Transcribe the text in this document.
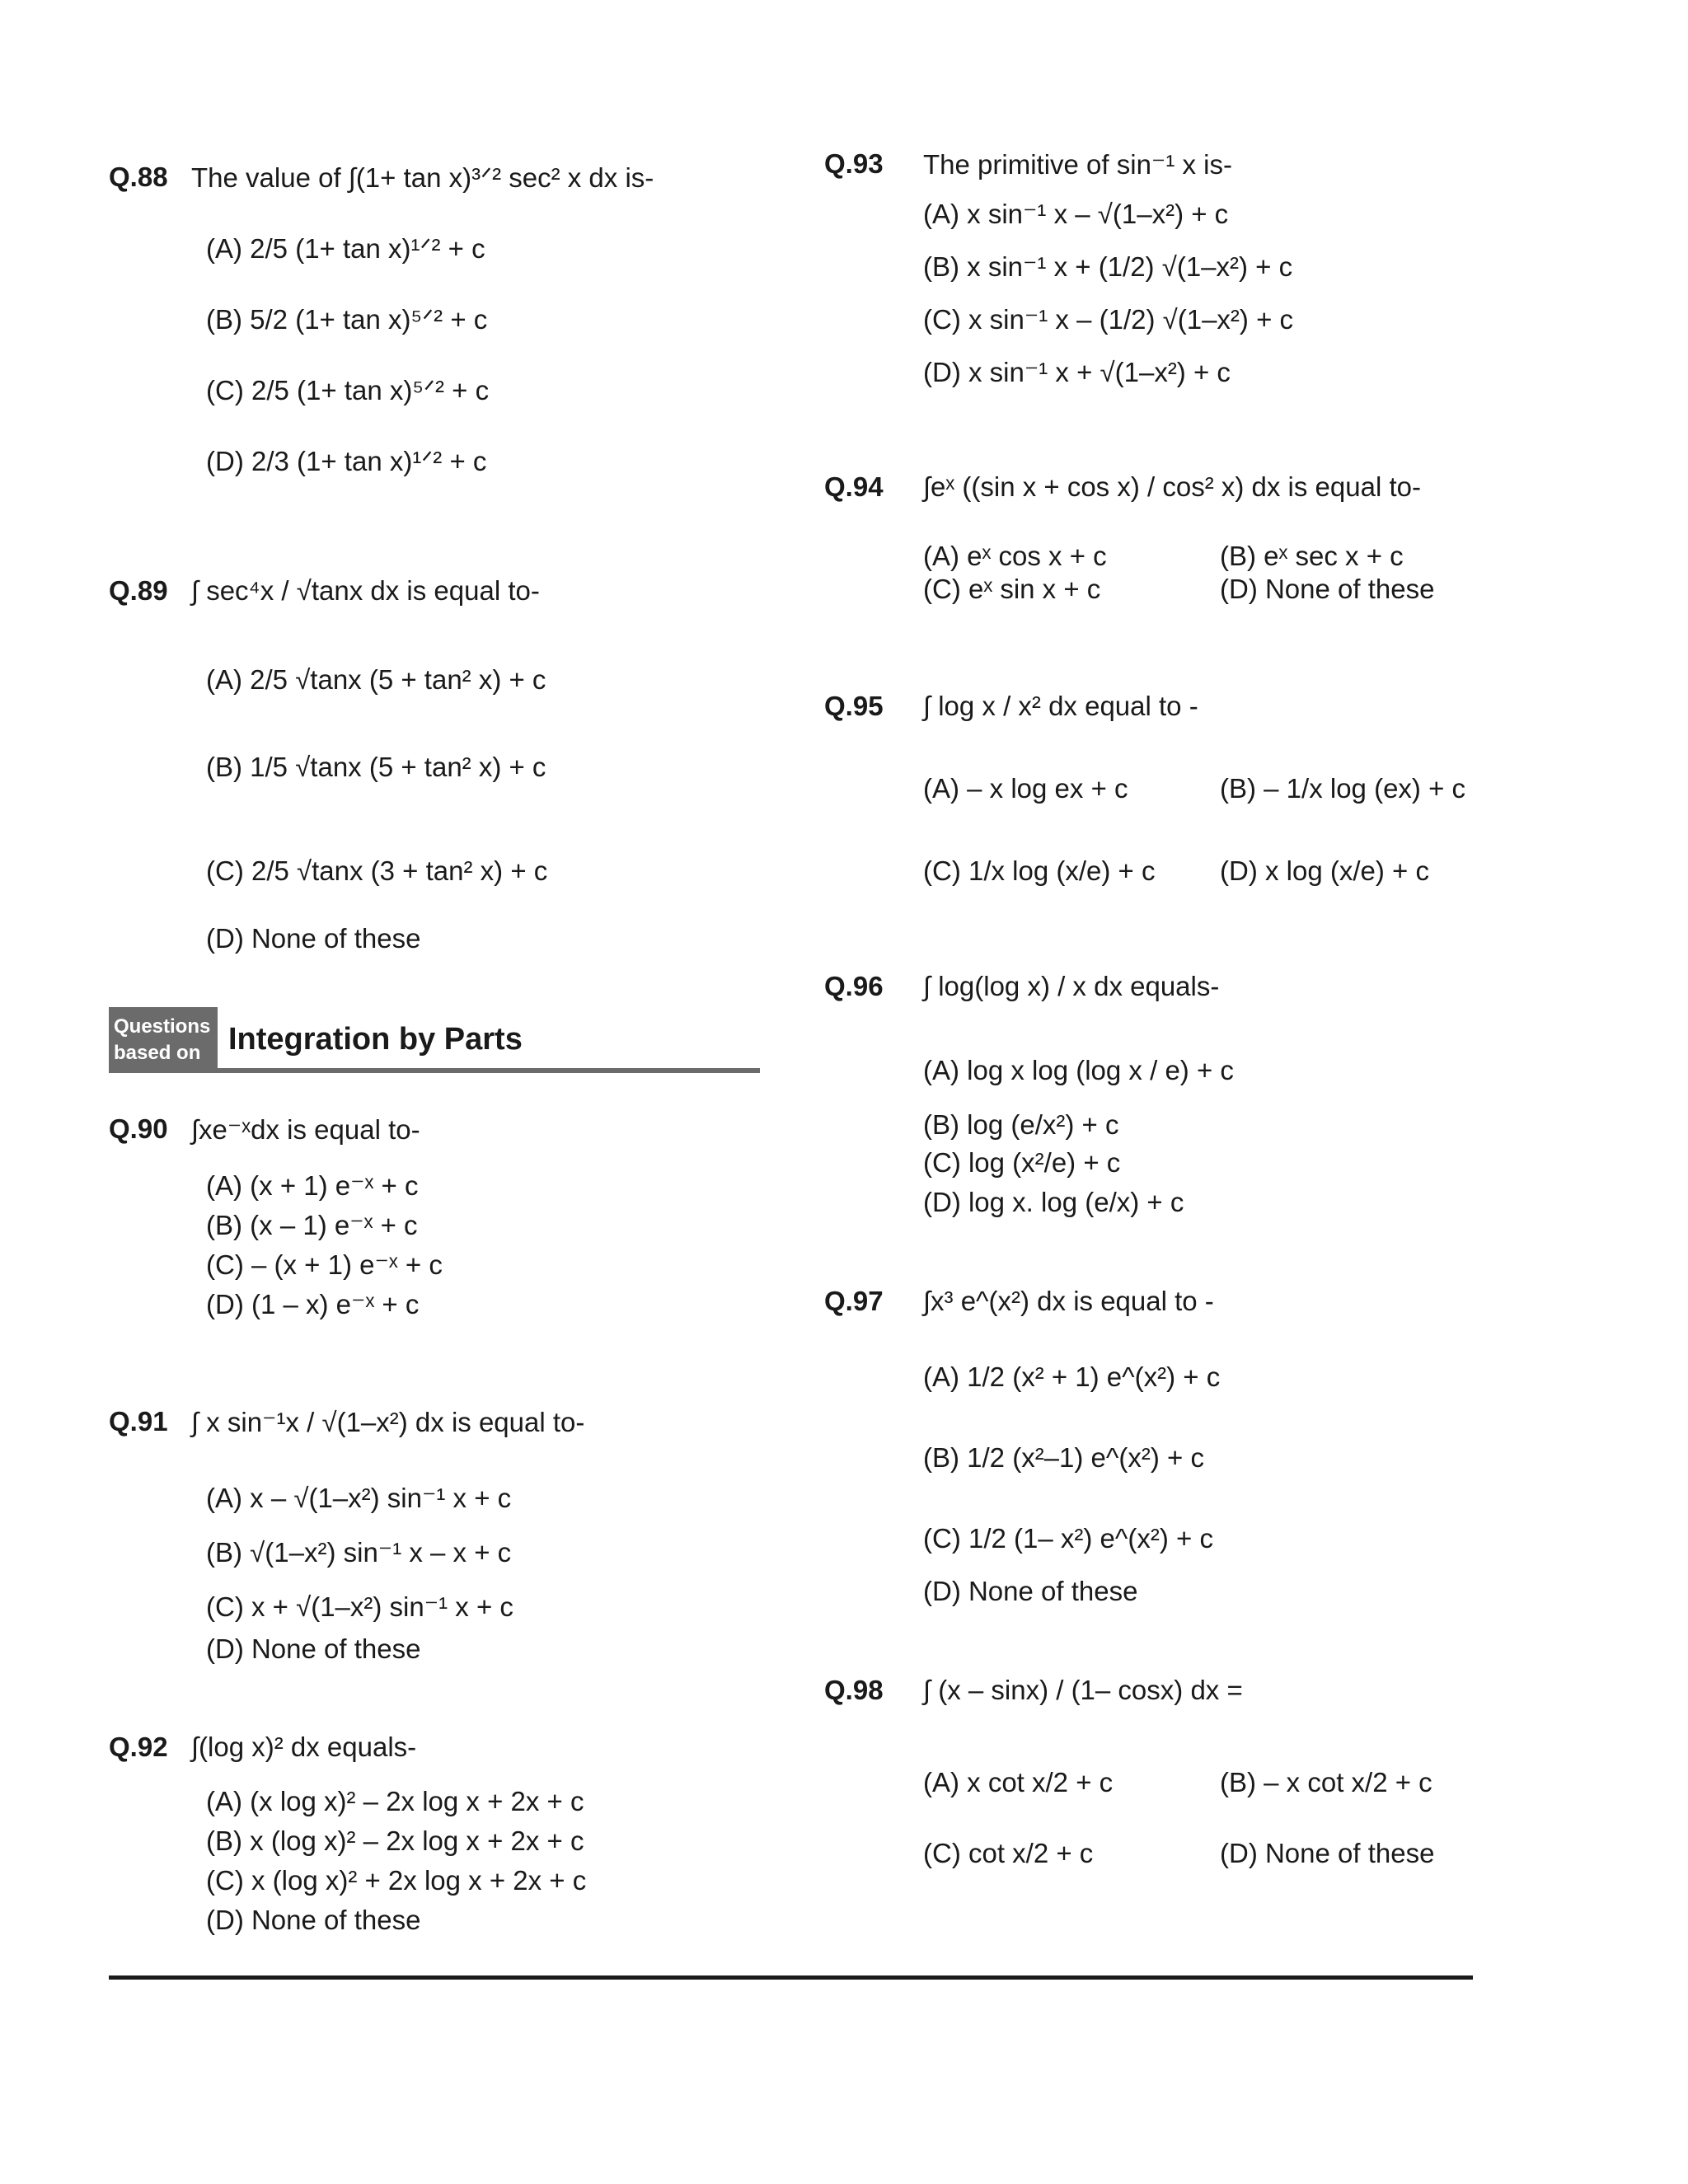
Q.88 The value of ∫(1+ tan x)³ᐟ² sec² x dx is-
(A) 2/5 (1+ tan x)¹ᐟ² + c
(B) 5/2 (1+ tan x)⁵ᐟ² + c
(C) 2/5 (1+ tan x)⁵ᐟ² + c
(D) 2/3 (1+ tan x)¹ᐟ² + c
Q.89 ∫ sec⁴x / √tanx dx is equal to-
(A) 2/5 √tanx (5 + tan² x) + c
(B) 1/5 √tanx (5 + tan² x) + c
(C) 2/5 √tanx (3 + tan² x) + c
(D) None of these
Q.90 ∫xe⁻ˣdx is equal to-
(A) (x + 1) e⁻ˣ + c
(B) (x – 1) e⁻ˣ + c
(C) – (x + 1) e⁻ˣ + c
(D) (1 – x) e⁻ˣ + c
Q.91 ∫ x sin⁻¹x / √(1–x²) dx is equal to-
(A) x – √(1–x²) sin⁻¹ x + c
(B) √(1–x²) sin⁻¹ x – x + c
(C) x + √(1–x²) sin⁻¹ x + c
(D) None of these
Q.92 ∫(log x)² dx equals-
(A) (x log x)² – 2x log x + 2x + c
(B) x (log x)² – 2x log x + 2x + c
(C) x (log x)² + 2x log x + 2x + c
(D) None of these
Questions
based on Integration by Parts
Q.93 The primitive of sin⁻¹ x is-
(A) x sin⁻¹ x – √(1–x²) + c
(B) x sin⁻¹ x + (1/2) √(1–x²) + c
(C) x sin⁻¹ x – (1/2) √(1–x²) + c
(D) x sin⁻¹ x + √(1–x²) + c
Q.94 ∫eˣ ((sin x + cos x) / cos² x) dx is equal to-
(A) eˣ cos x + c	(B) eˣ sec x + c
(C) eˣ sin x + c	(D) None of these
Q.95 ∫ log x / x² dx equal to -
(A) – x log ex + c	(B) – 1/x log (ex) + c
(C) 1/x log (x/e) + c (D) x log (x/e) + c
Q.96 ∫ log(log x) / x dx equals-
(A) log x log (log x / e) + c
(B) log (e/x²) + c
(C) log (x²/e) + c
(D) log x. log (e/x) + c
Q.97 ∫x³ e^(x²) dx is equal to -
(A) 1/2 (x² + 1) e^(x²) + c
(B) 1/2 (x²–1) e^(x²) + c
(C) 1/2 (1– x²) e^(x²) + c
(D) None of these
Q.98 ∫ (x – sinx) / (1– cosx) dx =
(A) x cot x/2 + c	(B) – x cot x/2 + c
(C) cot x/2 + c	(D) None of these
